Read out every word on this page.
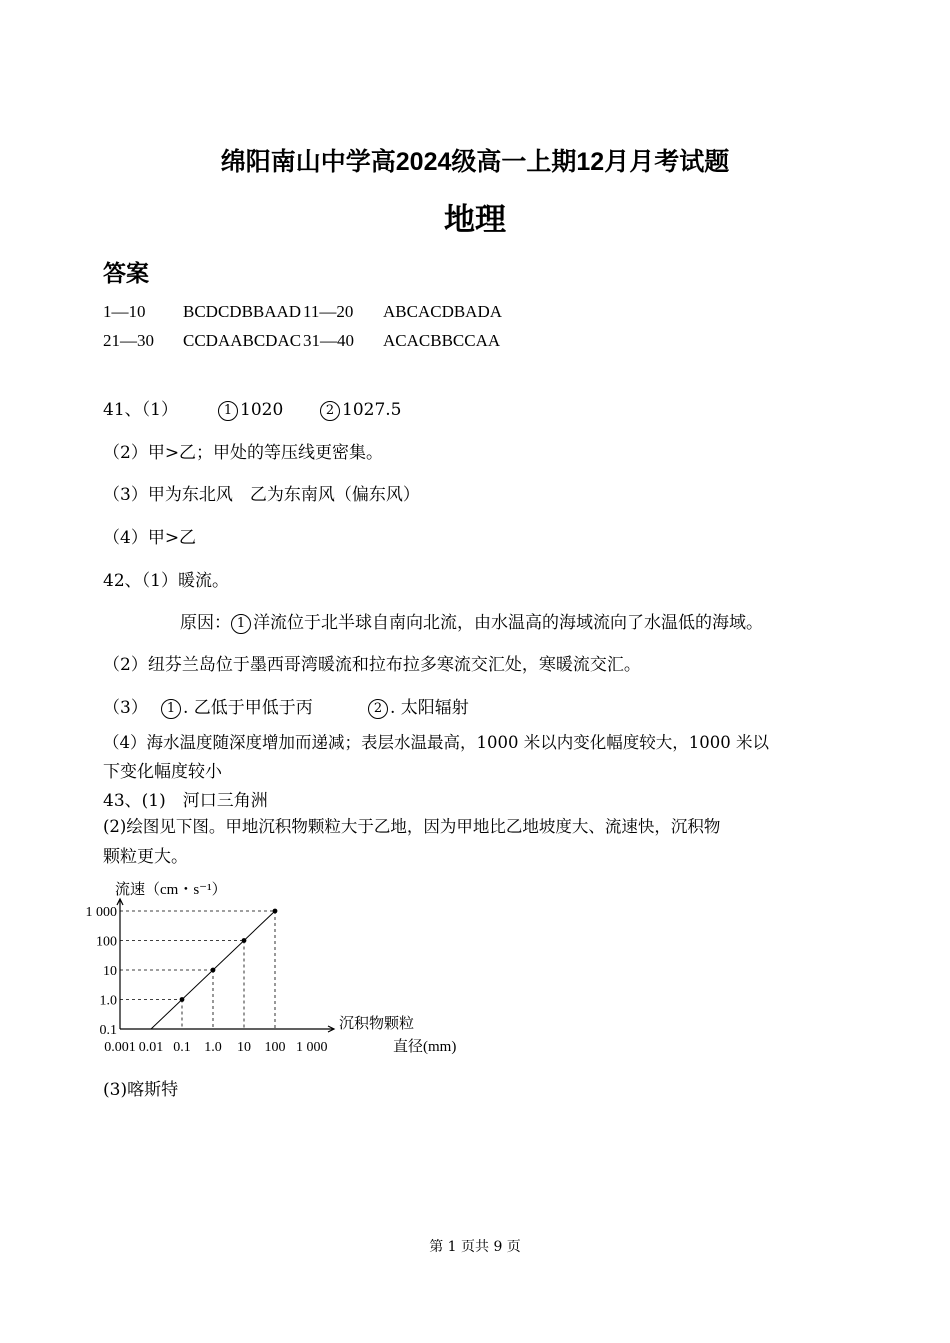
绵阳南山中学高2024级高一上期12月月考试题
地理
答案
1—10 BCDCDBBAAD 11—20 ABCACDBADA
21—30 CCDAABCDAC 31—40 ACACBBCCAA
41、（1）	1 1020	2 1027.5
（2）甲>乙；甲处的等压线更密集。
（3）甲为东北风　乙为东南风（偏东风）
（4）甲>乙
42、（1）暖流。
原因： 1 洋流位于北半球自南向北流，由水温高的海域流向了水温低的海域。
（2）纽芬兰岛位于墨西哥湾暖流和拉布拉多寒流交汇处，寒暖流交汇。
（3） 1 . 乙低于甲低于丙	2 . 太阳辐射
（4）海水温度随深度增加而递减；表层水温最高，1000 米以内变化幅度较大，1000 米以
下变化幅度较小
43、(1)　河口三角洲
(2)绘图见下图。甲地沉积物颗粒大于乙地，因为甲地比乙地坡度大、流速快，沉积物
颗粒更大。
流速（cm・s⁻¹）
0.1
1.0
10
100
1 000
0.001 0.01 0.1 1.0 10 100 1 000
沉积物颗粒
直径(mm)
(3)喀斯特
第 1 页共 9 页
